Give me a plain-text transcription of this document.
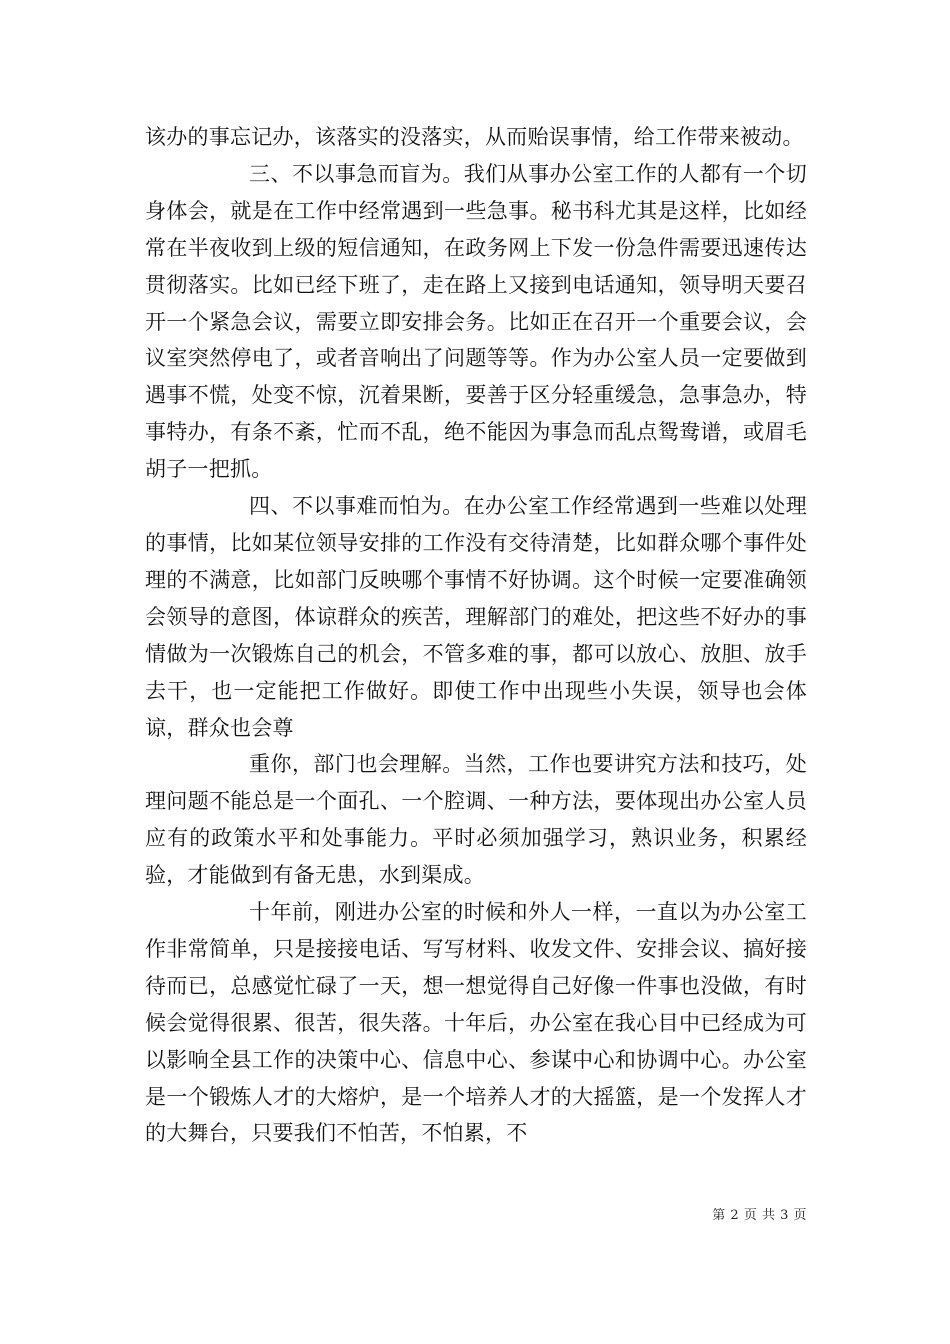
该办的事忘记办，该落实的没落实，从而贻误事情，给工作带来被动。

三、不以事急而盲为。我们从事办公室工作的人都有一个切身体会，就是在工作中经常遇到一些急事。秘书科尤其是这样，比如经常在半夜收到上级的短信通知，在政务网上下发一份急件需要迅速传达贯彻落实。比如已经下班了，走在路上又接到电话通知，领导明天要召开一个紧急会议，需要立即安排会务。比如正在召开一个重要会议，会议室突然停电了，或者音响出了问题等等。作为办公室人员一定要做到遇事不慌，处变不惊，沉着果断，要善于区分轻重缓急，急事急办，特事特办，有条不紊，忙而不乱，绝不能因为事急而乱点鸳鸯谱，或眉毛胡子一把抓。

四、不以事难而怕为。在办公室工作经常遇到一些难以处理的事情，比如某位领导安排的工作没有交待清楚，比如群众哪个事件处理的不满意，比如部门反映哪个事情不好协调。这个时候一定要准确领会领导的意图，体谅群众的疾苦，理解部门的难处，把这些不好办的事情做为一次锻炼自己的机会，不管多难的事，都可以放心、放胆、放手去干，也一定能把工作做好。即使工作中出现些小失误，领导也会体谅，群众也会尊

重你，部门也会理解。当然，工作也要讲究方法和技巧，处理问题不能总是一个面孔、一个腔调、一种方法，要体现出办公室人员应有的政策水平和处事能力。平时必须加强学习，熟识业务，积累经验，才能做到有备无患，水到渠成。

十年前，刚进办公室的时候和外人一样，一直以为办公室工作非常简单，只是接接电话、写写材料、收发文件、安排会议、搞好接待而已，总感觉忙碌了一天，想一想觉得自己好像一件事也没做，有时候会觉得很累、很苦，很失落。十年后，办公室在我心目中已经成为可以影响全县工作的决策中心、信息中心、参谋中心和协调中心。办公室是一个锻炼人才的大熔炉，是一个培养人才的大摇篮，是一个发挥人才的大舞台，只要我们不怕苦，不怕累，不

第 2 页 共 3 页
